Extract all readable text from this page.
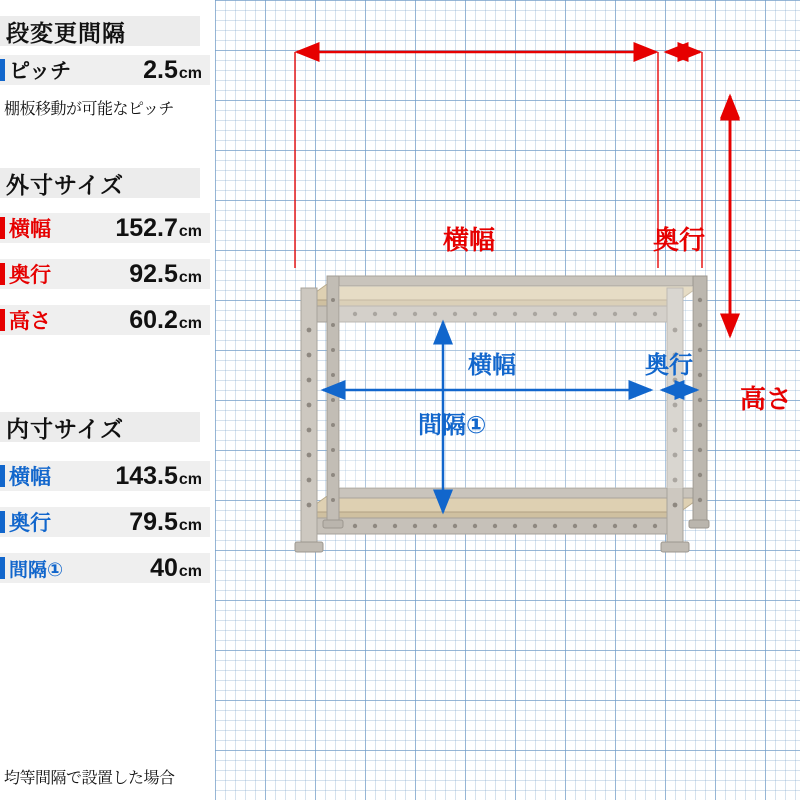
段変更間隔
ピッチ	2.5 cm
棚板移動が可能なピッチ
外寸サイズ
横幅	152.7 cm
奥行	92.5 cm
高さ	60.2 cm
内寸サイズ
横幅	143.5 cm
奥行	79.5 cm
間隔①	40 cm
均等間隔で設置した場合
横幅	奥行
高さ
横幅	奥行
間隔①
